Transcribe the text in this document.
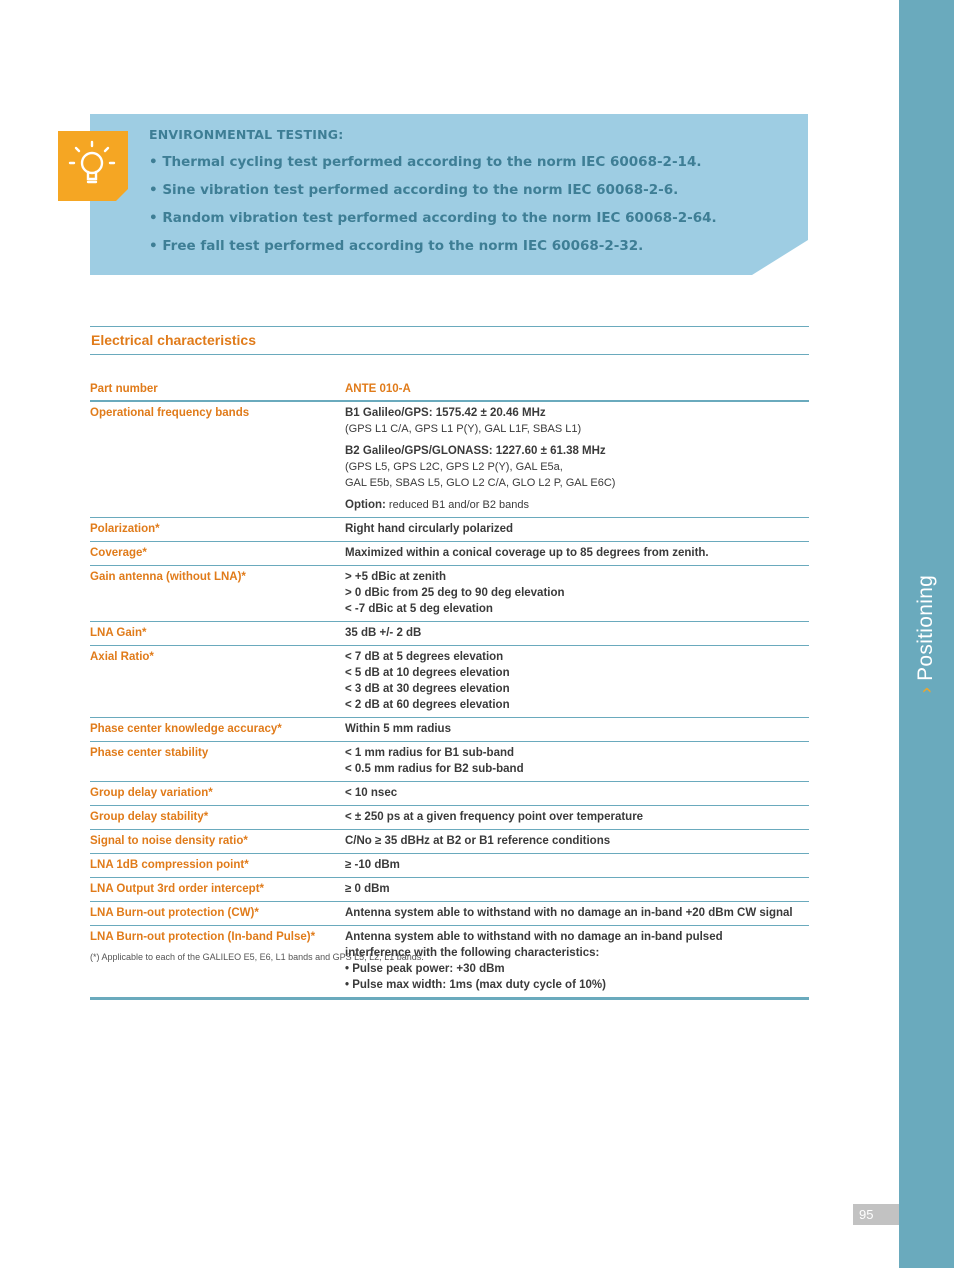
›Positioning
95
ENVIRONMENTAL TESTING:
• Thermal cycling test performed according to the norm IEC 60068-2-14.
• Sine vibration test performed according to the norm IEC 60068-2-6.
• Random vibration test performed according to the norm IEC 60068-2-64.
• Free fall test performed according to the norm IEC 60068-2-32.
Electrical characteristics
Part number	ANTE 010-A
Operational frequency bands	B1 Galileo/GPS: 1575.42 ± 20.46 MHz
(GPS L1 C/A, GPS L1 P(Y), GAL L1F, SBAS L1)
B2 Galileo/GPS/GLONASS: 1227.60 ± 61.38 MHz
(GPS L5, GPS L2C, GPS L2 P(Y), GAL E5a,
GAL E5b, SBAS L5, GLO L2 C/A, GLO L2 P, GAL E6C)
Option: reduced B1 and/or B2 bands
Polarization*	Right hand circularly polarized
Coverage*	Maximized within a conical coverage up to 85 degrees from zenith.
Gain antenna (without LNA)*	> +5 dBic at zenith
> 0 dBic from 25 deg to 90 deg elevation
< -7 dBic at 5 deg elevation
LNA Gain*	35 dB +/- 2 dB
Axial Ratio*	< 7 dB at 5 degrees elevation
< 5 dB at 10 degrees elevation
< 3 dB at 30 degrees elevation
< 2 dB at 60 degrees elevation
Phase center knowledge accuracy*	Within 5 mm radius
Phase center stability	< 1 mm radius for B1 sub-band
< 0.5 mm radius for B2 sub-band
Group delay variation*	< 10 nsec
Group delay stability*	< ± 250 ps at a given frequency point over temperature
Signal to noise density ratio*	C/No ≥ 35 dBHz at B2 or B1 reference conditions
LNA 1dB compression point*	≥ -10 dBm
LNA Output 3rd order intercept*	≥ 0 dBm
LNA Burn-out protection (CW)*	Antenna system able to withstand with no damage an in-band +20 dBm CW signal
LNA Burn-out protection (In-band Pulse)*	Antenna system able to withstand with no damage an in-band pulsed
interference with the following characteristics:
• Pulse peak power: +30 dBm
• Pulse max width: 1ms (max duty cycle of 10%)
(*) Applicable to each of the GALILEO E5, E6, L1 bands and GPS L5, L2, L1 bands.
